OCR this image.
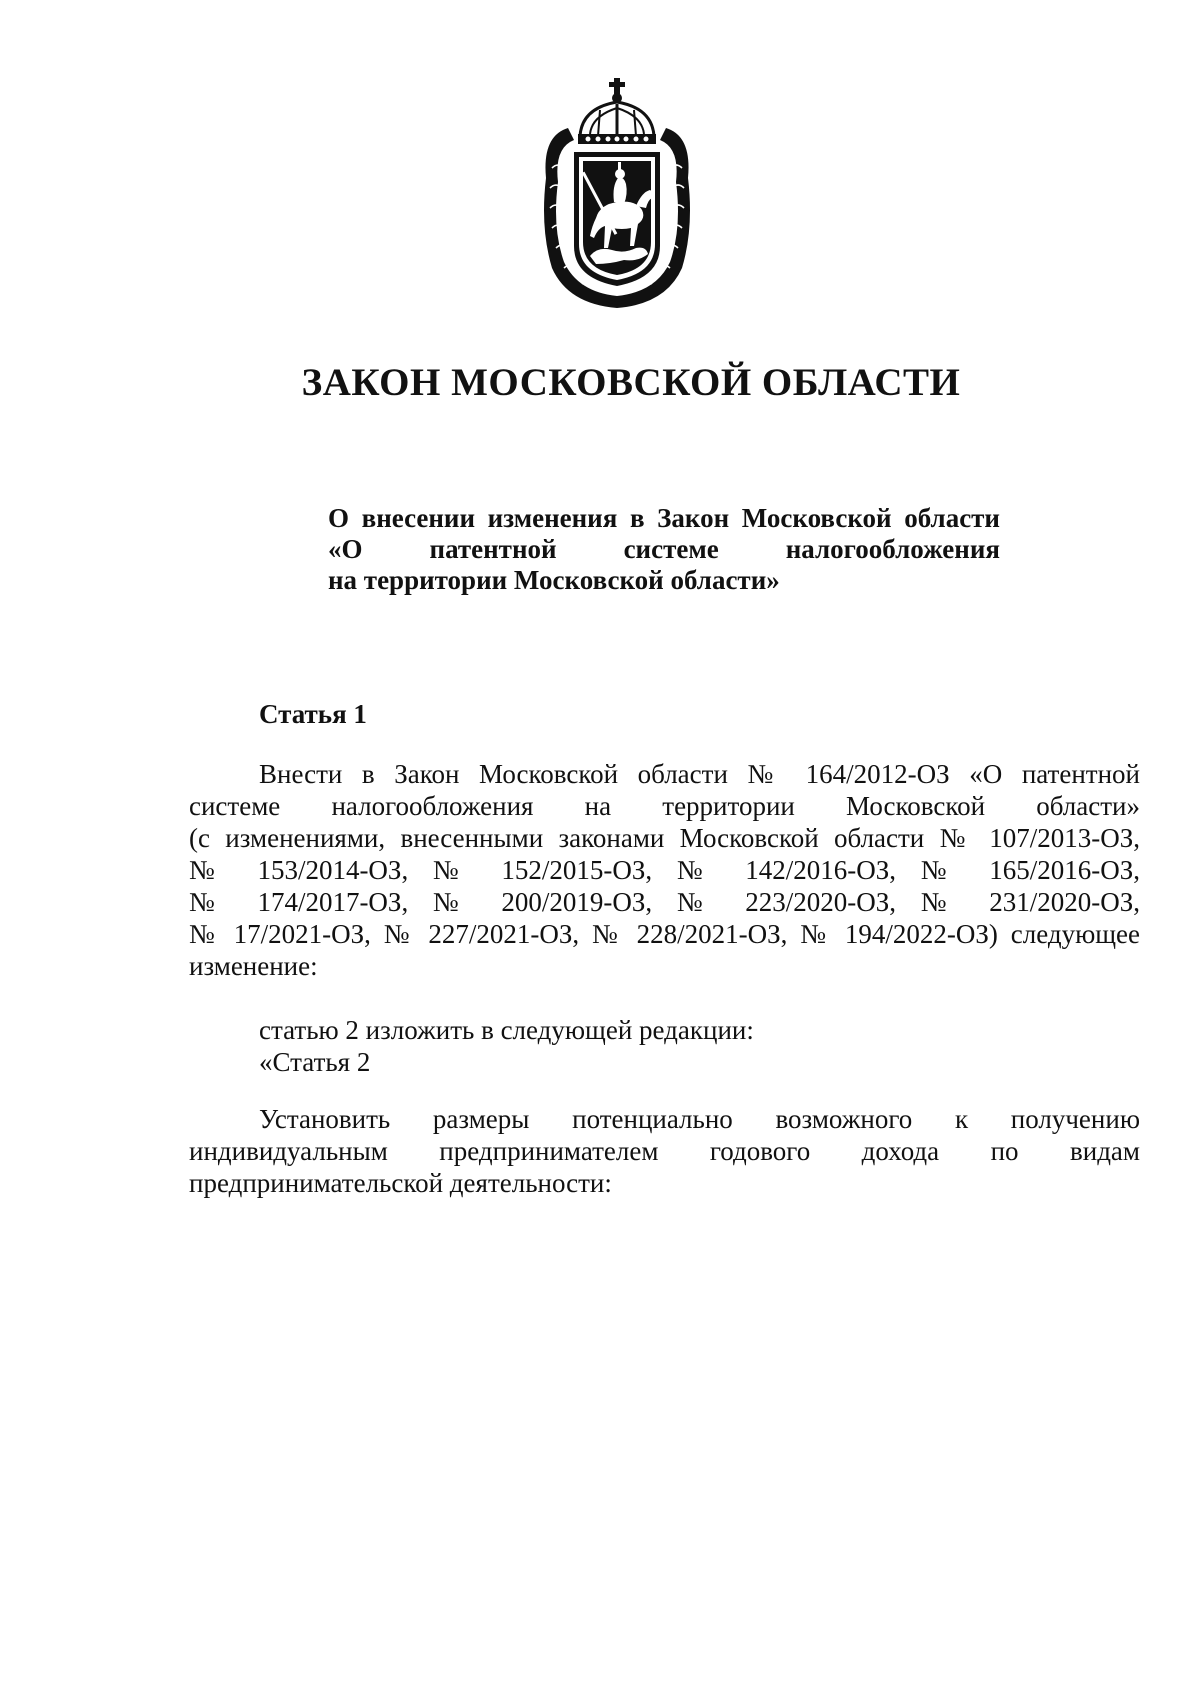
ЗАКОН МОСКОВСКОЙ ОБЛАСТИ
О внесении изменения в Закон Московской области
«О патентной системе налогообложения
на территории Московской области»
Статья 1
Внести в Закон Московской области № 164/2012-ОЗ «О патентной
системе налогообложения на территории Московской области»
(с изменениями, внесенными законами Московской области № 107/2013-ОЗ,
№ 153/2014-ОЗ, № 152/2015-ОЗ, № 142/2016-ОЗ, № 165/2016-ОЗ,
№ 174/2017-ОЗ, № 200/2019-ОЗ, № 223/2020-ОЗ, № 231/2020-ОЗ,
№ 17/2021-ОЗ, № 227/2021-ОЗ, № 228/2021-ОЗ, № 194/2022-ОЗ) следующее
изменение:
статью 2 изложить в следующей редакции:
«Статья 2
Установить размеры потенциально возможного к получению
индивидуальным предпринимателем годового дохода по видам
предпринимательской деятельности:
